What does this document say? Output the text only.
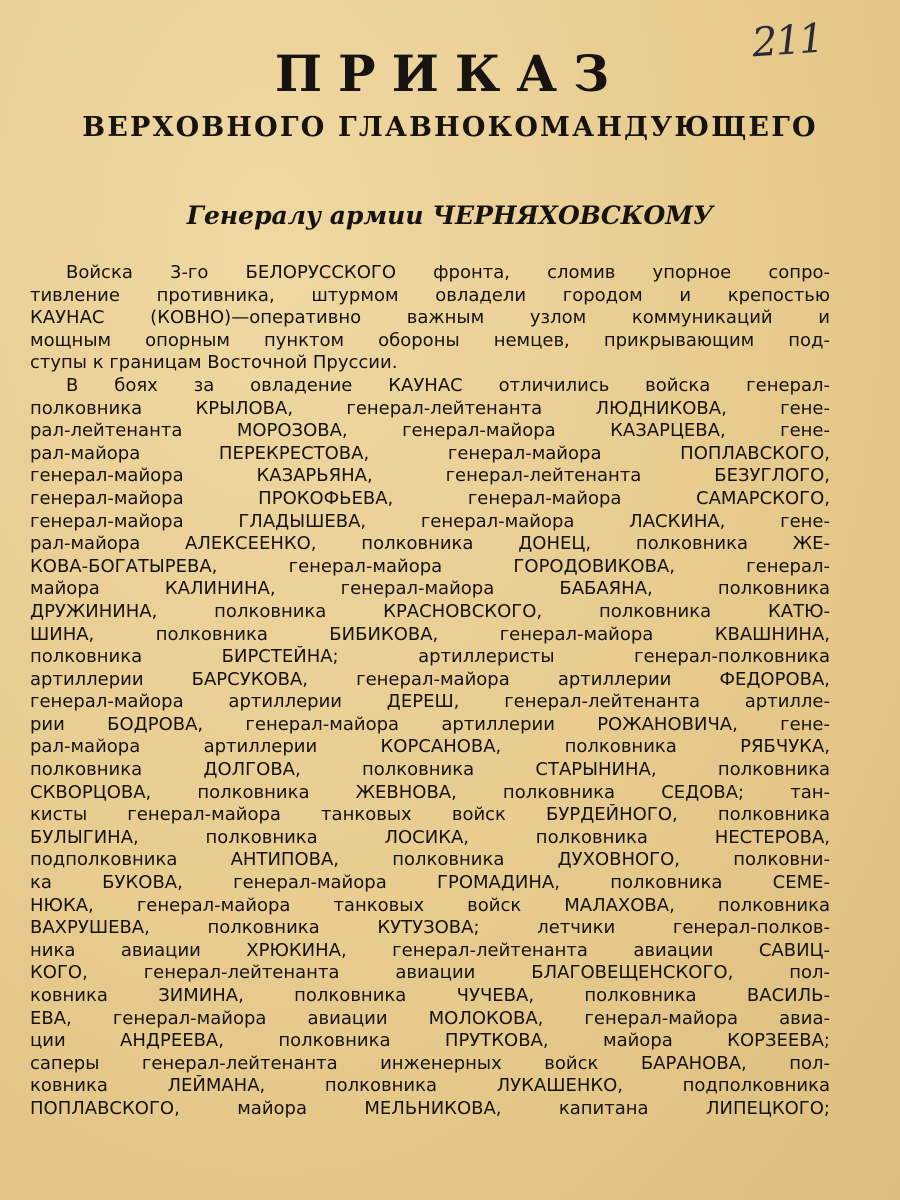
211
ПРИКАЗ
ВЕРХОВНОГО ГЛАВНОКОМАНДУЮЩЕГО
Генералу армии ЧЕРНЯХОВСКОМУ
Войска 3-го БЕЛОРУССКОГО фронта, сломив упорное сопро-
тивление противника, штурмом овладели городом и крепостью
КАУНАС (КОВНО)—оперативно важным узлом коммуникаций и
мощным опорным пунктом обороны немцев, прикрывающим под-
ступы к границам Восточной Пруссии.
В боях за овладение КАУНАС отличились войска генерал-
полковника КРЫЛОВА, генерал-лейтенанта ЛЮДНИКОВА, гене-
рал-лейтенанта МОРОЗОВА, генерал-майора КАЗАРЦЕВА, гене-
рал-майора ПЕРЕКРЕСТОВА, генерал-майора ПОПЛАВСКОГО,
генерал-майора КАЗАРЬЯНА, генерал-лейтенанта БЕЗУГЛОГО,
генерал-майора ПРОКОФЬЕВА, генерал-майора САМАРСКОГО,
генерал-майора ГЛАДЫШЕВА, генерал-майора ЛАСКИНА, гене-
рал-майора АЛЕКСЕЕНКО, полковника ДОНЕЦ, полковника ЖЕ-
КОВА-БОГАТЫРЕВА, генерал-майора ГОРОДОВИКОВА, генерал-
майора КАЛИНИНА, генерал-майора БАБАЯНА, полковника
ДРУЖИНИНА, полковника КРАСНОВСКОГО, полковника КАТЮ-
ШИНА, полковника БИБИКОВА, генерал-майора КВАШНИНА,
полковника БИРСТЕЙНА; артиллеристы генерал-полковника
артиллерии БАРСУКОВА, генерал-майора артиллерии ФЕДОРОВА,
генерал-майора артиллерии ДЕРЕШ, генерал-лейтенанта артилле-
рии БОДРОВА, генерал-майора артиллерии РОЖАНОВИЧА, гене-
рал-майора артиллерии КОРСАНОВА, полковника РЯБЧУКА,
полковника ДОЛГОВА, полковника СТАРЫНИНА, полковника
СКВОРЦОВА, полковника ЖЕВНОВА, полковника СЕДОВА; тан-
кисты генерал-майора танковых войск БУРДЕЙНОГО, полковника
БУЛЫГИНА, полковника ЛОСИКА, полковника НЕСТЕРОВА,
подполковника АНТИПОВА, полковника ДУХОВНОГО, полковни-
ка БУКОВА, генерал-майора ГРОМАДИНА, полковника СЕМЕ-
НЮКА, генерал-майора танковых войск МАЛАХОВА, полковника
ВАХРУШЕВА, полковника КУТУЗОВА; летчики генерал-полков-
ника авиации ХРЮКИНА, генерал-лейтенанта авиации САВИЦ-
КОГО, генерал-лейтенанта авиации БЛАГОВЕЩЕНСКОГО, пол-
ковника ЗИМИНА, полковника ЧУЧЕВА, полковника ВАСИЛЬ-
ЕВА, генерал-майора авиации МОЛОКОВА, генерал-майора авиа-
ции АНДРЕЕВА, полковника ПРУТКОВА, майора КОРЗЕЕВА;
саперы генерал-лейтенанта инженерных войск БАРАНОВА, пол-
ковника ЛЕЙМАНА, полковника ЛУКАШЕНКО, подполковника
ПОПЛАВСКОГО, майора МЕЛЬНИКОВА, капитана ЛИПЕЦКОГО;
